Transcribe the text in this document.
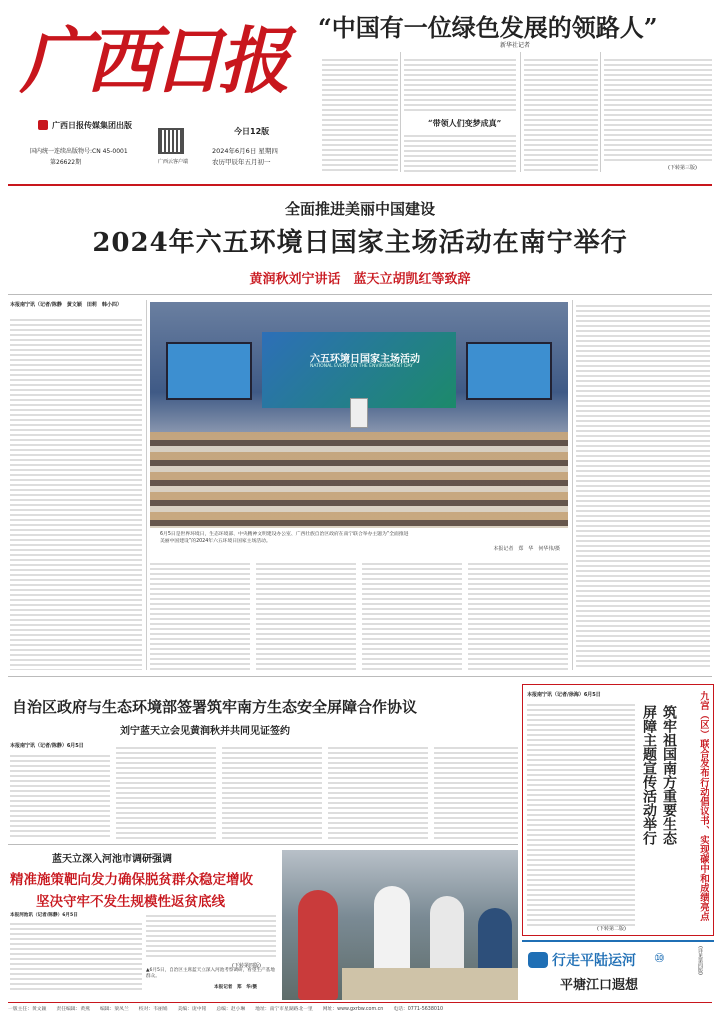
广西日报
广西日报传媒集团出版
国内统一连续出版物号:CN 45-0001
第26622期	广西云客户端
今日12版
2024年6月6日 星期四
农历甲辰年五月初一
“中国有一位绿色发展的领路人”
新华社记者
“带领人们变梦成真”
(下转第三版)
全面推进美丽中国建设
2024年六五环境日国家主场活动在南宁举行
黄润秋刘宁讲话　蓝天立胡凯红等致辞
本报南宁讯（记者/陈静　黄文颖　田莉　韩小四）
六五环境日国家主场活动
NATIONAL EVENT ON THE ENVIRONMENT DAY
6月5日是世界环境日，生态环境部、中央精神文明建设办公室、广西壮族自治区政府在南宁联合举办主题为“全面推进美丽中国建设”的2024年六五环境日国家主场活动。
本报记者　郑　华　何华伟/摄
自治区政府与生态环境部签署筑牢南方生态安全屏障合作协议
刘宁蓝天立会见黄润秋并共同见证签约
本报南宁讯（记者/陈静）6月5日
本报南宁讯（记者/徐海）6月5日
屏障主题宣传活动举行 筑牢祖国南方重要生态	九宫（区）联合发布行动倡议书、实现碳中和成绩亮点
(下转第二版)
蓝天立深入河池市调研强调
精准施策靶向发力确保脱贫群众稳定增收
坚决守牢不发生规模性返贫底线
本报河池讯（记者/陈静）6月5日
(下转第四版)
▲6月5日，自治区主席蓝天立深入河池考察调研，看望生产基地群众。
本报记者　郑　华/摄
行走平陆运河 ⑩	(详见第四版)
平塘江口遐想
一版主任：黄文颖 责任编辑：黄燕 编辑：梁凤兰 校对：韦丽娟 美编：庞中铭 总编：赵小琳 地址：南宁市星湖路北一里 网址：www.gxrbw.com.cn 电话：0771-5638010
